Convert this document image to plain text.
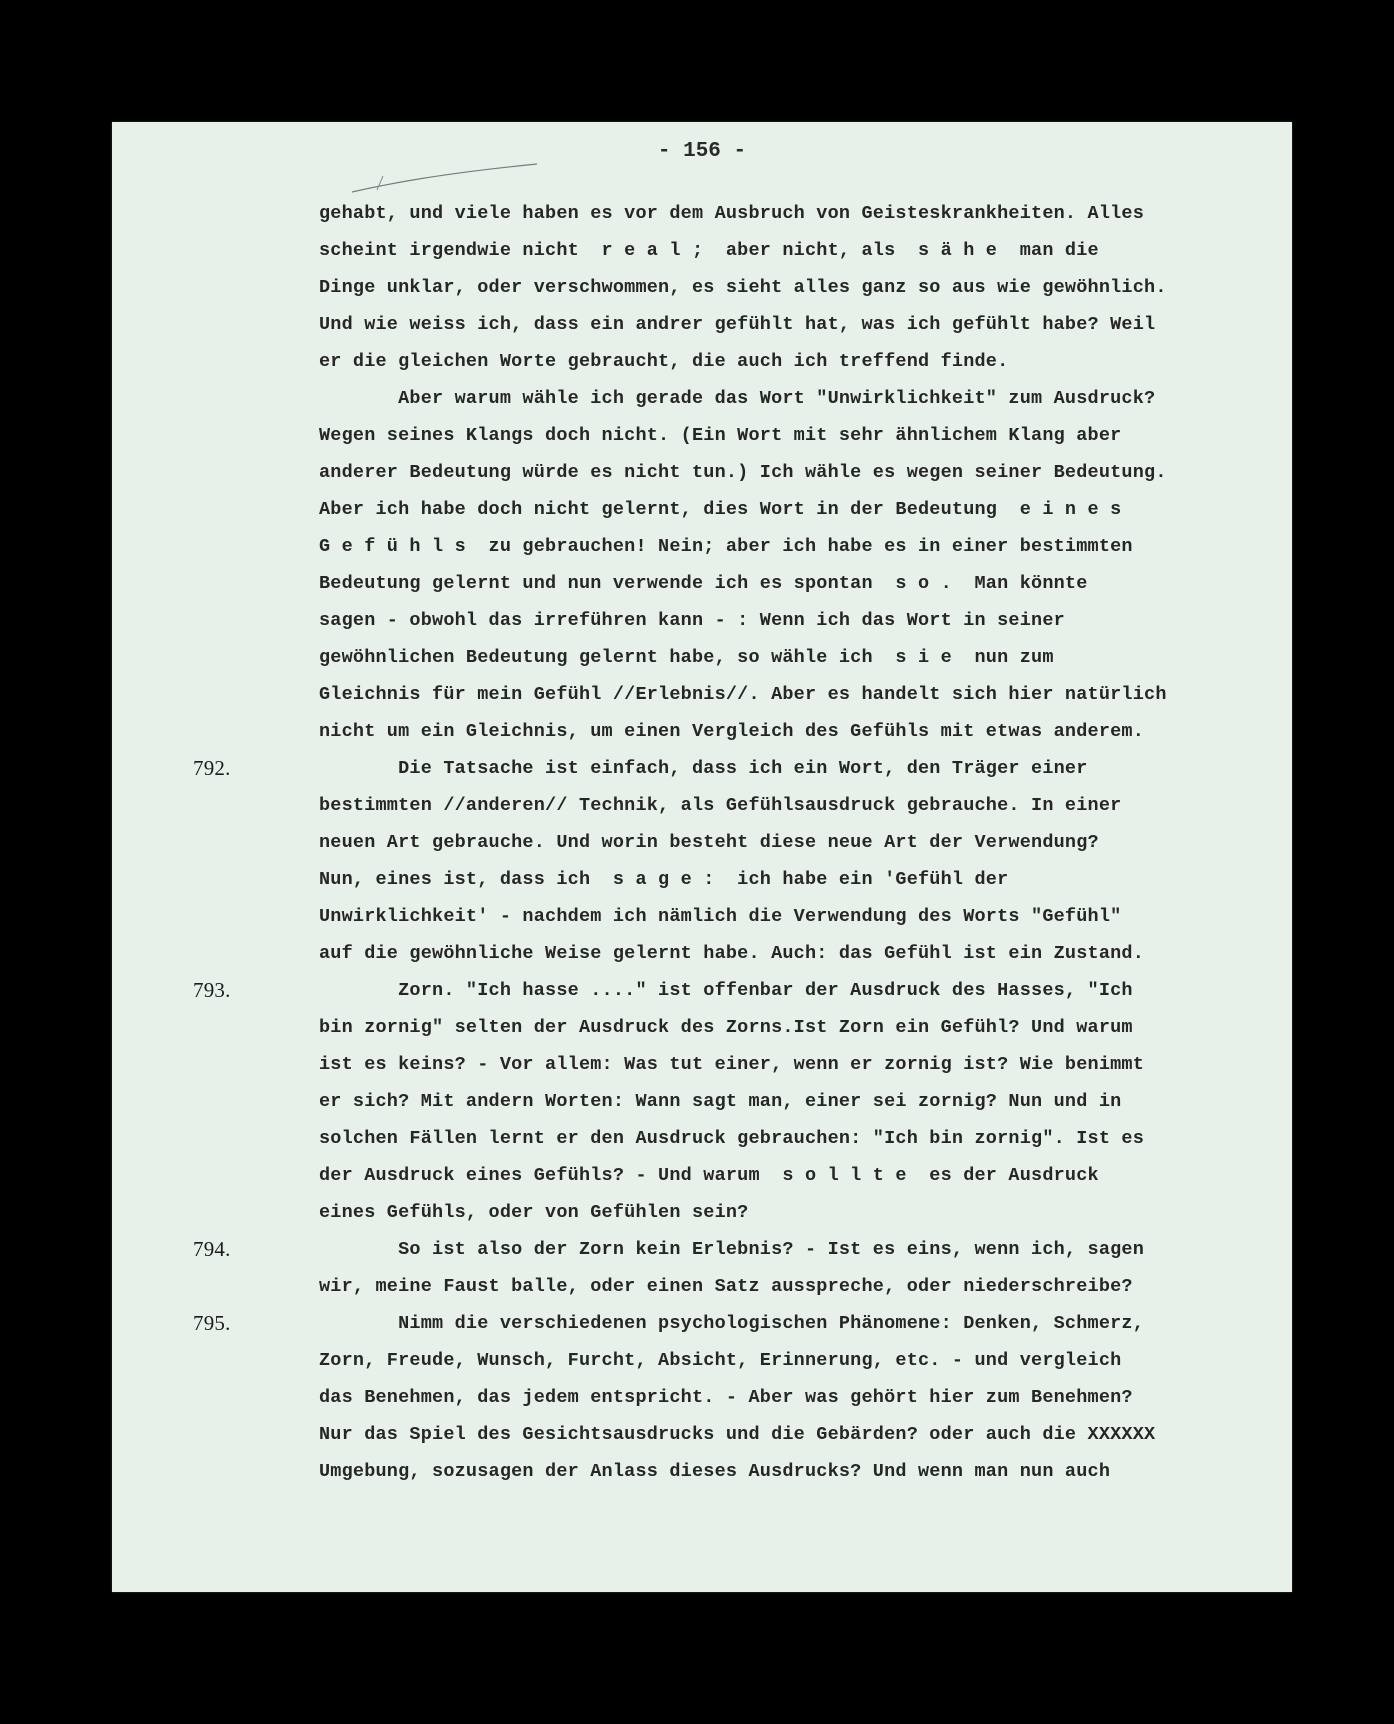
- 156 -
gehabt, und viele haben es vor dem Ausbruch von Geisteskrankheiten. Alles
scheint irgendwie nicht  r e a l ;  aber nicht, als  s ä h e  man die
Dinge unklar, oder verschwommen, es sieht alles ganz so aus wie gewöhnlich.
Und wie weiss ich, dass ein andrer gefühlt hat, was ich gefühlt habe? Weil
er die gleichen Worte gebraucht, die auch ich treffend finde.
Aber warum wähle ich gerade das Wort "Unwirklichkeit" zum Ausdruck?
Wegen seines Klangs doch nicht. (Ein Wort mit sehr ähnlichem Klang aber
anderer Bedeutung würde es nicht tun.) Ich wähle es wegen seiner Bedeutung.
Aber ich habe doch nicht gelernt, dies Wort in der Bedeutung  e i n e s
G e f ü h l s  zu gebrauchen! Nein; aber ich habe es in einer bestimmten
Bedeutung gelernt und nun verwende ich es spontan  s o .  Man könnte
sagen - obwohl das irreführen kann - : Wenn ich das Wort in seiner
gewöhnlichen Bedeutung gelernt habe, so wähle ich  s i e  nun zum
Gleichnis für mein Gefühl //Erlebnis//. Aber es handelt sich hier natürlich
nicht um ein Gleichnis, um einen Vergleich des Gefühls mit etwas anderem.
792.	Die Tatsache ist einfach, dass ich ein Wort, den Träger einer
bestimmten //anderen// Technik, als Gefühlsausdruck gebrauche. In einer
neuen Art gebrauche. Und worin besteht diese neue Art der Verwendung?
Nun, eines ist, dass ich  s a g e :  ich habe ein 'Gefühl der
Unwirklichkeit' - nachdem ich nämlich die Verwendung des Worts "Gefühl"
auf die gewöhnliche Weise gelernt habe. Auch: das Gefühl ist ein Zustand.
793.	Zorn. "Ich hasse ...." ist offenbar der Ausdruck des Hasses, "Ich
bin zornig" selten der Ausdruck des Zorns.Ist Zorn ein Gefühl? Und warum
ist es keins? - Vor allem: Was tut einer, wenn er zornig ist? Wie benimmt
er sich? Mit andern Worten: Wann sagt man, einer sei zornig? Nun und in
solchen Fällen lernt er den Ausdruck gebrauchen: "Ich bin zornig". Ist es
der Ausdruck eines Gefühls? - Und warum  s o l l t e  es der Ausdruck
eines Gefühls, oder von Gefühlen sein?
794.	So ist also der Zorn kein Erlebnis? - Ist es eins, wenn ich, sagen
wir, meine Faust balle, oder einen Satz ausspreche, oder niederschreibe?
795.	Nimm die verschiedenen psychologischen Phänomene: Denken, Schmerz,
Zorn, Freude, Wunsch, Furcht, Absicht, Erinnerung, etc. - und vergleich
das Benehmen, das jedem entspricht. - Aber was gehört hier zum Benehmen?
Nur das Spiel des Gesichtsausdrucks und die Gebärden? oder auch die XXXXXX
Umgebung, sozusagen der Anlass dieses Ausdrucks? Und wenn man nun auch
